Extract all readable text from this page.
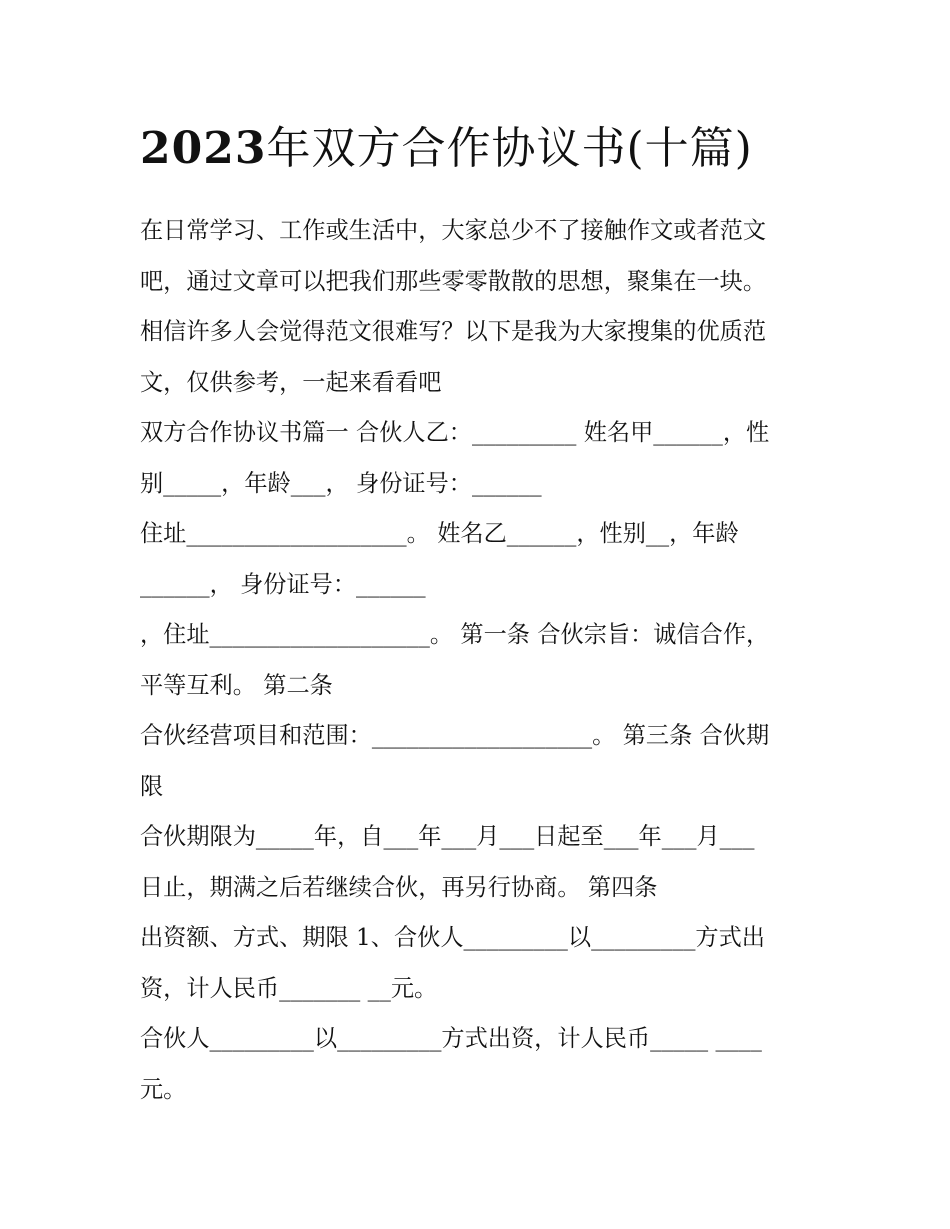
2023年双方合作协议书(十篇)

在日常学习、工作或生活中，大家总少不了接触作文或者范文
吧，通过文章可以把我们那些零零散散的思想，聚集在一块。
相信许多人会觉得范文很难写？以下是我为大家搜集的优质范
文，仅供参考，一起来看看吧

双方合作协议书篇一 合伙人乙：_________ 姓名甲______，性
别_____，年龄___， 身份证号：______

住址___________________。 姓名乙______，性别__，年龄
______， 身份证号：______

，住址___________________。 第一条 合伙宗旨：诚信合作，
平等互利。 第二条

合伙经营项目和范围：___________________。 第三条 合伙期
限

合伙期限为_____年，自___年___月___日起至___年___月___
日止，期满之后若继续合伙，再另行协商。 第四条

出资额、方式、期限 1、合伙人_________以_________方式出
资，计人民币_______ __元。

合伙人_________以_________方式出资，计人民币_____ ____
元。
